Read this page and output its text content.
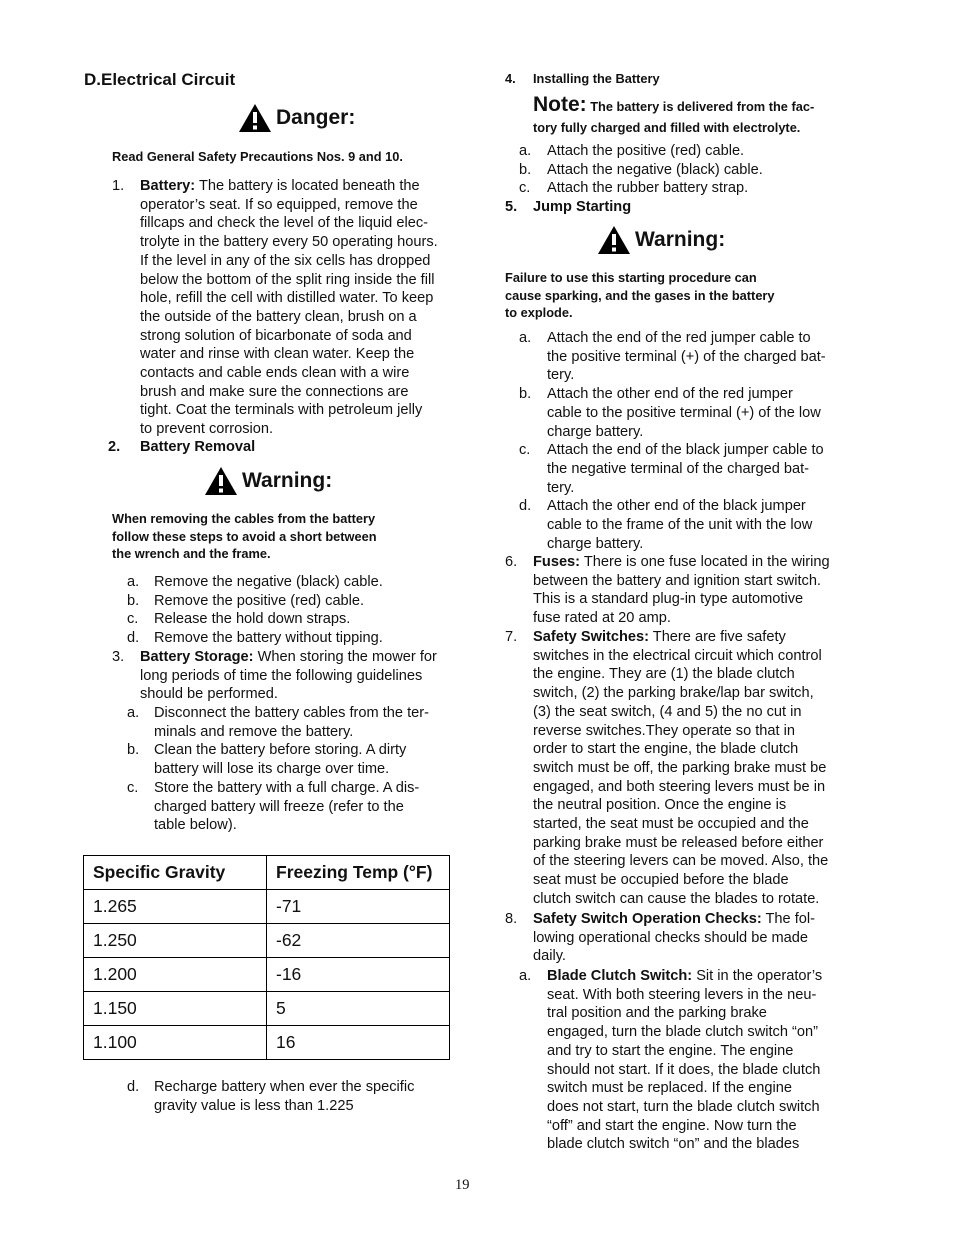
D.Electrical Circuit
Danger:
Read General Safety Precautions Nos. 9 and 10.
1.	Battery: The battery is located beneath the
operator’s seat. If so equipped, remove the
fillcaps and check the level of the liquid elec-
trolyte in the battery every 50 operating hours.
If the level in any of the six cells has dropped
below the bottom of the split ring inside the fill
hole, refill the cell with distilled water. To keep
the outside of the battery clean, brush on a
strong solution of bicarbonate of soda and
water and rinse with clean water. Keep the
contacts and cable ends clean with a wire
brush and make sure the connections are
tight. Coat the terminals with petroleum jelly
to prevent corrosion.
2.	Battery Removal
Warning:
When removing the cables from the battery
follow these steps to avoid a short between
the wrench and the frame.
a.	Remove the negative (black) cable.
b.	Remove the positive (red) cable.
c.	Release the hold down straps.
d.	Remove the battery without tipping.
3.	Battery Storage: When storing the mower for
long periods of time the following guidelines
should be performed.
a.	Disconnect the battery cables from the ter-
minals and remove the battery.
b.	Clean the battery before storing. A dirty
battery will lose its charge over time.
c.	Store the battery with a full charge. A dis-
charged battery will freeze (refer to the
table below).
Specific Gravity	Freezing Temp (°F)
1.265	-71
1.250	-62
1.200	-16
1.150	5
1.100	16
d.	Recharge battery when ever the specific
gravity value is less than 1.225
4.	Installing the Battery
Note: The battery is delivered from the fac-
tory fully charged and filled with electrolyte.
a.	Attach the positive (red) cable.
b.	Attach the negative (black) cable.
c.	Attach the rubber battery strap.
5.	Jump Starting
Warning:
Failure to use this starting procedure can
cause sparking, and the gases in the battery
to explode.
a.	Attach the end of the red jumper cable to
the positive terminal (+) of the charged bat-
tery.
b.	Attach the other end of the red jumper
cable to the positive terminal (+) of the low
charge battery.
c.	Attach the end of the black jumper cable to
the negative terminal of the charged bat-
tery.
d.	Attach the other end of the black jumper
cable to the frame of the unit with the low
charge battery.
6.	Fuses: There is one fuse located in the wiring
between the battery and ignition start switch.
This is a standard plug-in type automotive
fuse rated at 20 amp.
7.	Safety Switches: There are five safety
switches in the electrical circuit which control
the engine. They are (1) the blade clutch
switch, (2) the parking brake/lap bar switch,
(3) the seat switch, (4 and 5) the no cut in
reverse switches.They operate so that in
order to start the engine, the blade clutch
switch must be off, the parking brake must be
engaged, and both steering levers must be in
the neutral position. Once the engine is
started, the seat must be occupied and the
parking brake must be released before either
of the steering levers can be moved. Also, the
seat must be occupied before the blade
clutch switch can cause the blades to rotate.
8.	Safety Switch Operation Checks: The fol-
lowing operational checks should be made
daily.
a.	Blade Clutch Switch: Sit in the operator’s
seat. With both steering levers in the neu-
tral position and the parking brake
engaged, turn the blade clutch switch “on”
and try to start the engine. The engine
should not start. If it does, the blade clutch
switch must be replaced. If the engine
does not start, turn the blade clutch switch
“off” and start the engine. Now turn the
blade clutch switch “on” and the blades
19
